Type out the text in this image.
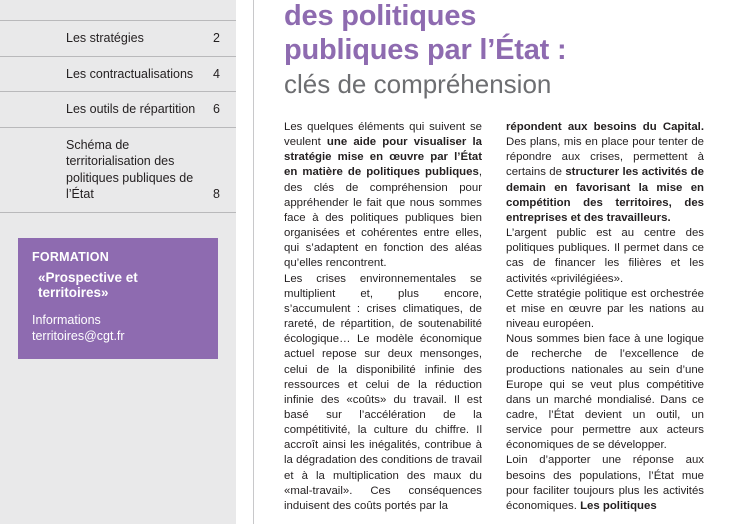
Les stratégies	2
Les contractualisations	4
Les outils de répartition	6
Schéma de territorialisation des politiques publiques de l’État	8

FORMATION

«Prospective et territoires»

Informations

territoires@cgt.fr

des politiques
publiques par l’État :
clés de compréhension

Les quelques éléments qui suivent se veulent une aide pour visualiser la stratégie mise en œuvre par l’État en matière de politiques publiques, des clés de compréhension pour appréhender le fait que nous sommes face à des politiques publiques bien organisées et cohérentes entre elles, qui s’adaptent en fonction des aléas qu’elles rencontrent.

Les crises environnementales se multiplient et, plus encore, s’accumulent : crises climatiques, de rareté, de répartition, de soutenabilité écologique… Le modèle économique actuel repose sur deux mensonges, celui de la disponibilité infinie des ressources et celui de la réduction infinie des «coûts» du travail. Il est basé sur l’accélération de la compétitivité, la culture du chiffre. Il accroît ainsi les inégalités, contribue à la dégradation des conditions de travail et à la multiplication des maux du «mal-travail». Ces conséquences induisent des coûts portés par la

répondent aux besoins du Capital. Des plans, mis en place pour tenter de répondre aux crises, permettent à certains de structurer les activités de demain en favorisant la mise en compétition des territoires, des entreprises et des travailleurs.

L’argent public est au centre des politiques publiques. Il permet dans ce cas de financer les filières et les activités «privilégiées».

Cette stratégie politique est orchestrée et mise en œuvre par les nations au niveau européen.

Nous sommes bien face à une logique de recherche de l’excellence de productions nationales au sein d’une Europe qui se veut plus compétitive dans un marché mondialisé. Dans ce cadre, l’État devient un outil, un service pour permettre aux acteurs économiques de se développer.

Loin d’apporter une réponse aux besoins des populations, l’État mue pour faciliter toujours plus les activités économiques. Les politiques
